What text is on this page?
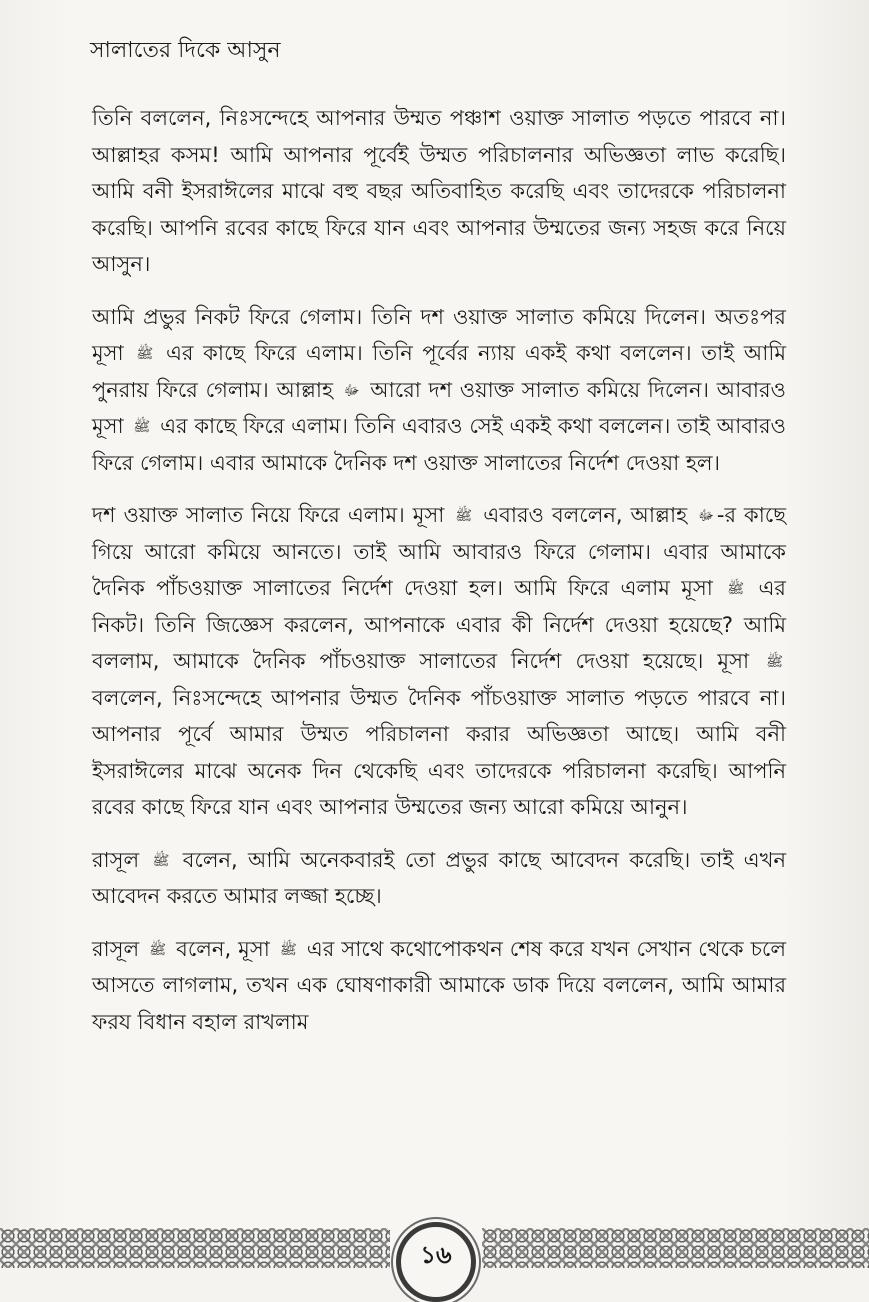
সালাতের দিকে আসুন

তিনি বললেন, নিঃসন্দেহে আপনার উম্মত পঞ্চাশ ওয়াক্ত সালাত পড়তে পারবে না। আল্লাহর কসম! আমি আপনার পূর্বেই উম্মত পরিচালনার অভিজ্ঞতা লাভ করেছি। আমি বনী ইসরাঈলের মাঝে বহু বছর অতিবাহিত করেছি এবং তাদেরকে পরিচালনা করেছি। আপনি রবের কাছে ফিরে যান এবং আপনার উম্মতের জন্য সহজ করে নিয়ে আসুন।

আমি প্রভুর নিকট ফিরে গেলাম। তিনি দশ ওয়াক্ত সালাত কমিয়ে দিলেন। অতঃপর মূসা ﷺ এর কাছে ফিরে এলাম। তিনি পূর্বের ন্যায় একই কথা বললেন। তাই আমি পুনরায় ফিরে গেলাম। আল্লাহ ﷻ আরো দশ ওয়াক্ত সালাত কমিয়ে দিলেন। আবারও মূসা ﷺ এর কাছে ফিরে এলাম। তিনি এবারও সেই একই কথা বললেন। তাই আবারও ফিরে গেলাম। এবার আমাকে দৈনিক দশ ওয়াক্ত সালাতের নির্দেশ দেওয়া হল।

দশ ওয়াক্ত সালাত নিয়ে ফিরে এলাম। মূসা ﷺ এবারও বললেন, আল্লাহ ﷻ -র কাছে গিয়ে আরো কমিয়ে আনতে। তাই আমি আবারও ফিরে গেলাম। এবার আমাকে দৈনিক পাঁচওয়াক্ত সালাতের নির্দেশ দেওয়া হল। আমি ফিরে এলাম মূসা ﷺ এর নিকট। তিনি জিজ্ঞেস করলেন, আপনাকে এবার কী নির্দেশ দেওয়া হয়েছে? আমি বললাম, আমাকে দৈনিক পাঁচওয়াক্ত সালাতের নির্দেশ দেওয়া হয়েছে। মূসা ﷺ বললেন, নিঃসন্দেহে আপনার উম্মত দৈনিক পাঁচওয়াক্ত সালাত পড়তে পারবে না। আপনার পূর্বে আমার উম্মত পরিচালনা করার অভিজ্ঞতা আছে। আমি বনী ইসরাঈলের মাঝে অনেক দিন থেকেছি এবং তাদেরকে পরিচালনা করেছি। আপনি রবের কাছে ফিরে যান এবং আপনার উম্মতের জন্য আরো কমিয়ে আনুন।

রাসূল ﷺ বলেন, আমি অনেকবারই তো প্রভুর কাছে আবেদন করেছি। তাই এখন আবেদন করতে আমার লজ্জা হচ্ছে।

রাসূল ﷺ বলেন, মূসা ﷺ এর সাথে কথোপোকথন শেষ করে যখন সেখান থেকে চলে আসতে লাগলাম, তখন এক ঘোষণাকারী আমাকে ডাক দিয়ে বললেন, আমি আমার ফরয বিধান বহাল রাখলাম

১৬
